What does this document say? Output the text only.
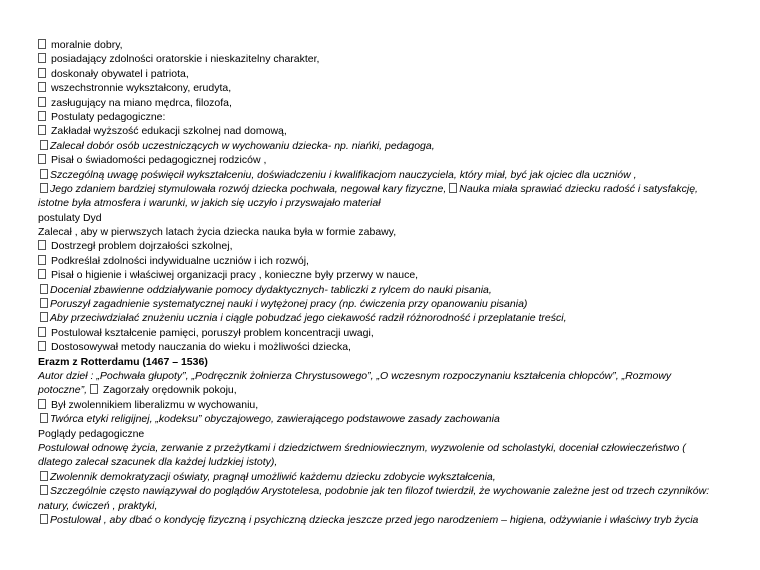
moralnie dobry,
posiadający zdolności oratorskie i nieskazitelny charakter,
doskonały obywatel i patriota,
wszechstronnie wykształcony, erudyta,
zasługujący na miano mędrca, filozofa,
Postulaty pedagogiczne:
Zakładał wyższość edukacji szkolnej nad domową,
Zalecał dobór osób uczestniczących w wychowaniu dziecka- np. niańki, pedagoga,
Pisał o świadomości pedagogicznej rodziców ,
Szczególną uwagę poświęcił wykształceniu, doświadczeniu i kwalifikacjom nauczyciela, który miał, być jak ojciec dla uczniów ,
Jego zdaniem bardziej stymulowała rozwój dziecka pochwała, negował kary fizyczne, Nauka miała sprawiać dziecku radość i satysfakcję,
istotne była atmosfera i warunki, w jakich się uczyło i przyswajało materiał
postulaty Dyd
Zalecał , aby w pierwszych latach życia dziecka nauka była w formie zabawy,
Dostrzegł problem dojrzałości szkolnej,
Podkreślał zdolności indywidualne uczniów i ich rozwój,
Pisał o higienie i właściwej organizacji pracy , konieczne były przerwy w nauce,
Doceniał zbawienne oddziaływanie pomocy dydaktycznych- tabliczki z rylcem do nauki pisania,
Poruszył zagadnienie systematycznej nauki i wytężonej pracy (np. ćwiczenia przy opanowaniu pisania)
Aby przeciwdziałać znużeniu ucznia i ciągle pobudzać jego ciekawość radził różnorodność i przeplatanie treści,
Postulował kształcenie pamięci, poruszył problem koncentracji uwagi,
Dostosowywał metody nauczania do wieku i możliwości dziecka,
Erazm z Rotterdamu (1467 – 1536)
Autor dzieł : „Pochwała głupoty”, „Podręcznik żołnierza Chrystusowego”, „O wczesnym rozpoczynaniu kształcenia chłopców”, „Rozmowy
potoczne”, Zagorzały orędownik pokoju,
Był zwolennikiem liberalizmu w wychowaniu,
Twórca etyki religijnej, „kodeksu” obyczajowego, zawierającego podstawowe zasady zachowania
Poglądy pedagogiczne
Postulował odnowę życia, zerwanie z przeżytkami i dziedzictwem średniowiecznym, wyzwolenie od scholastyki, doceniał człowieczeństwo (
dlatego zalecał szacunek dla każdej ludzkiej istoty),
Zwolennik demokratyzacji oświaty, pragnął umożliwić każdemu dziecku zdobycie wykształcenia,
Szczególnie często nawiązywał do poglądów Arystotelesa, podobnie jak ten filozof twierdził, że wychowanie zależne jest od trzech czynników:
natury, ćwiczeń , praktyki,
Postulował , aby dbać o kondycję fizyczną i psychiczną dziecka jeszcze przed jego narodzeniem – higiena, odżywianie i właściwy tryb życia
